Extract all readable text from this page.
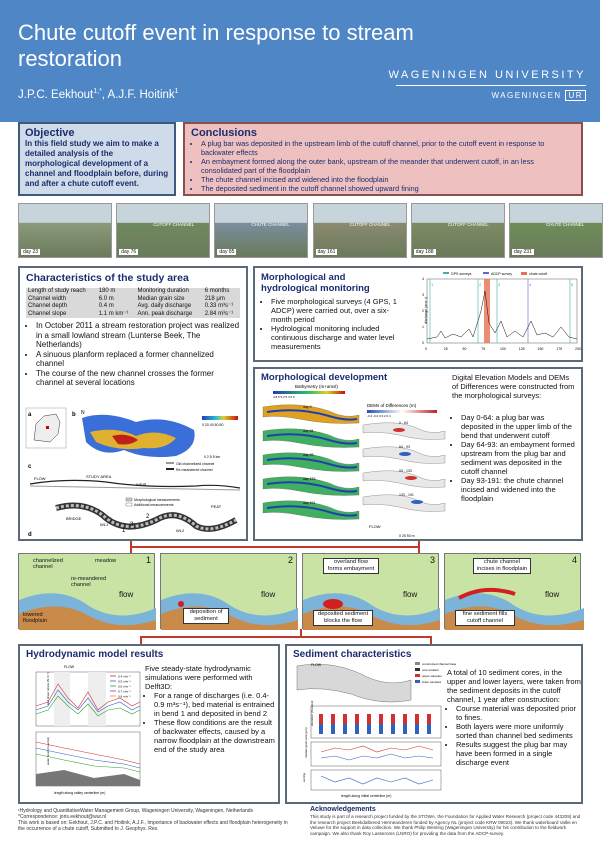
Chute cutoff event in response to stream restoration
J.P.C. Eekhout$^{1,*}$, A.J.F. Hoitink$^1$
WAGENINGEN UNIVERSITY
WAGENINGEN UR
Objective

In this field study we aim to make a detailed analysis of the morphological development of a channel and floodplain before, during and after a chute cutoff event.

Conclusions
• A plug bar was deposited in the upstream limb of the cutoff channel, prior to the cutoff event in response to backwater effects
• An embayment formed along the outer bank, upstream of the meander that underwent cutoff, in an less consolidated part of the floodplain
• The chute channel incised and widened into the floodplain
• The deposited sediment in the cutoff channel showed upward fining
day 23	day 76
CUTOFF CHANNEL
day 85
CHUTE CHANNEL
day 161
CUTOFF CHANNEL
day 188
CUTOFF CHANNEL
day 231
CHUTE CHANNEL
Characteristics of the study area
Length of study reach	180 m	Monitoring duration	6 months
Channel width	6.0 m	Median grain size	218 μm
Channel depth	0.4 m	Avg. daily discharge	0.33 m³s⁻¹
Channel slope	1.1 m km⁻¹	Ann. peak discharge	2.84 m³s⁻¹
• In October 2011 a stream restoration project was realized in a small lowland stream (Lunterse Beek, The Netherlands)
• A sinuous planform replaced a former channelized channel
• The course of the new channel crosses the former channel at several locations
a	b N
0 20 40 60 80
0 2.5 5 km
c	Old channelized channel
Re-meandered channel
FLOW	STUDY AREA
WEIR
d
Morphological measurements
Additional measurements	PEAT
BRIDGE
WL1
WL2
1
2
3
Morphological and hydrological monitoring
• Five morphological surveys (4 GPS, 1 ADCP) were carried out, over a six-month period
• Hydrological monitoring included continuous discharge and water level measurements
GPS surveys	ADCP survey	chute cutoff
1	2	3	4	5
0
1
2
3
4
0	25	50	75	100	125	150	175	200
discharge (m³s⁻¹)
Morphological development
Bathymetry (m+amsl)
4.8 5 5.2 5.4 5.6
DEMs of Differences (m)
-0.4 -0.2 0 0.2 0.4
day 0
day 64
day 93
day 133
day 191
0 - 64
64 - 93
93 - 133
133 - 191
FLOW
0 25 50 m
Digital Elevation Models and DEMs of Differences were constructed from the morphological surveys:
• Day 0-64: a plug bar was deposited in the upper limb of the bend that underwent cutoff
• Day 64-93: an embayment formed upstream from the plug bar and sediment was deposited in the cutoff channel
• Day 93-191: the chute channel incised and widened into the floodplain
1
channelized channel
meadow
re-meandered channel
lowered floodplain
flow
2
deposition of sediment
flow
3
overland flow forms embayment
deposited sediment blocks the flow
flow
4
chute channel incises in floodplain
fine sediment fills cutoff channel
flow
Hydrodynamic model results
FLOW
0.4 m³s⁻¹
0.5 m³s⁻¹
0.6 m³s⁻¹
0.7 m³s⁻¹
0.9 m³s⁻¹
bed shear stress (N m⁻²)
water level (m+amsl)
length along valley centerline (m)

Five steady-state hydrodynamic simulations were performed with Delft3D:

• For a range of discharges (i.e. 0.4-0.9 m³s⁻¹), bed material is entrained in bend 1 and deposited in bend 2
• These flow conditions are the result of backwater effects, caused by a narrow floodplain at the downstream end of the study area
Sediment characteristics
FLOW	constructed channel base
core location
upper samples
lower samples
elevation (m+amsl)
median grain size (μm)
sorting
length along initial centerline (m)

A total of 10 sediment cores, in the upper and lower layers, were taken from the sediment deposits in the cutoff channel, 1 year after construction:

• Course material was deposited prior to fines.
• Both layers were more uniformly sorted than channel bed sediments
• Results suggest the plug bar may have been formed in a single discharge event
¹Hydrology and QuantitativeWater Management Group, Wageningen University, Wageningen, Netherlands
*Correspondence: joris.eekhout@wur.nl
This work is based on: Eekhout, J.P.C. and Hoitink, A.J.F., Importance of backwater effects and floodplain heterogeneity in the occurrence of a chute cutoff, Submitted to J. Geophys. Res.
Acknowledgements
This study is part of a research project funded by the STOWA, the Foundation for Applied Water Research (project code 443209) and the research project Beekdalbreed Hermeanderen funded by Agency NL (project code KRW 09023). We thank waterboard Vallei en Veluwe for the support in data collection. We thank Philip Wenting (Wageningen University) for his contribution to the fieldwork campaign. We also thank Roy Lasseroms (LNRO) for providing the data from the ADCP-survey.
